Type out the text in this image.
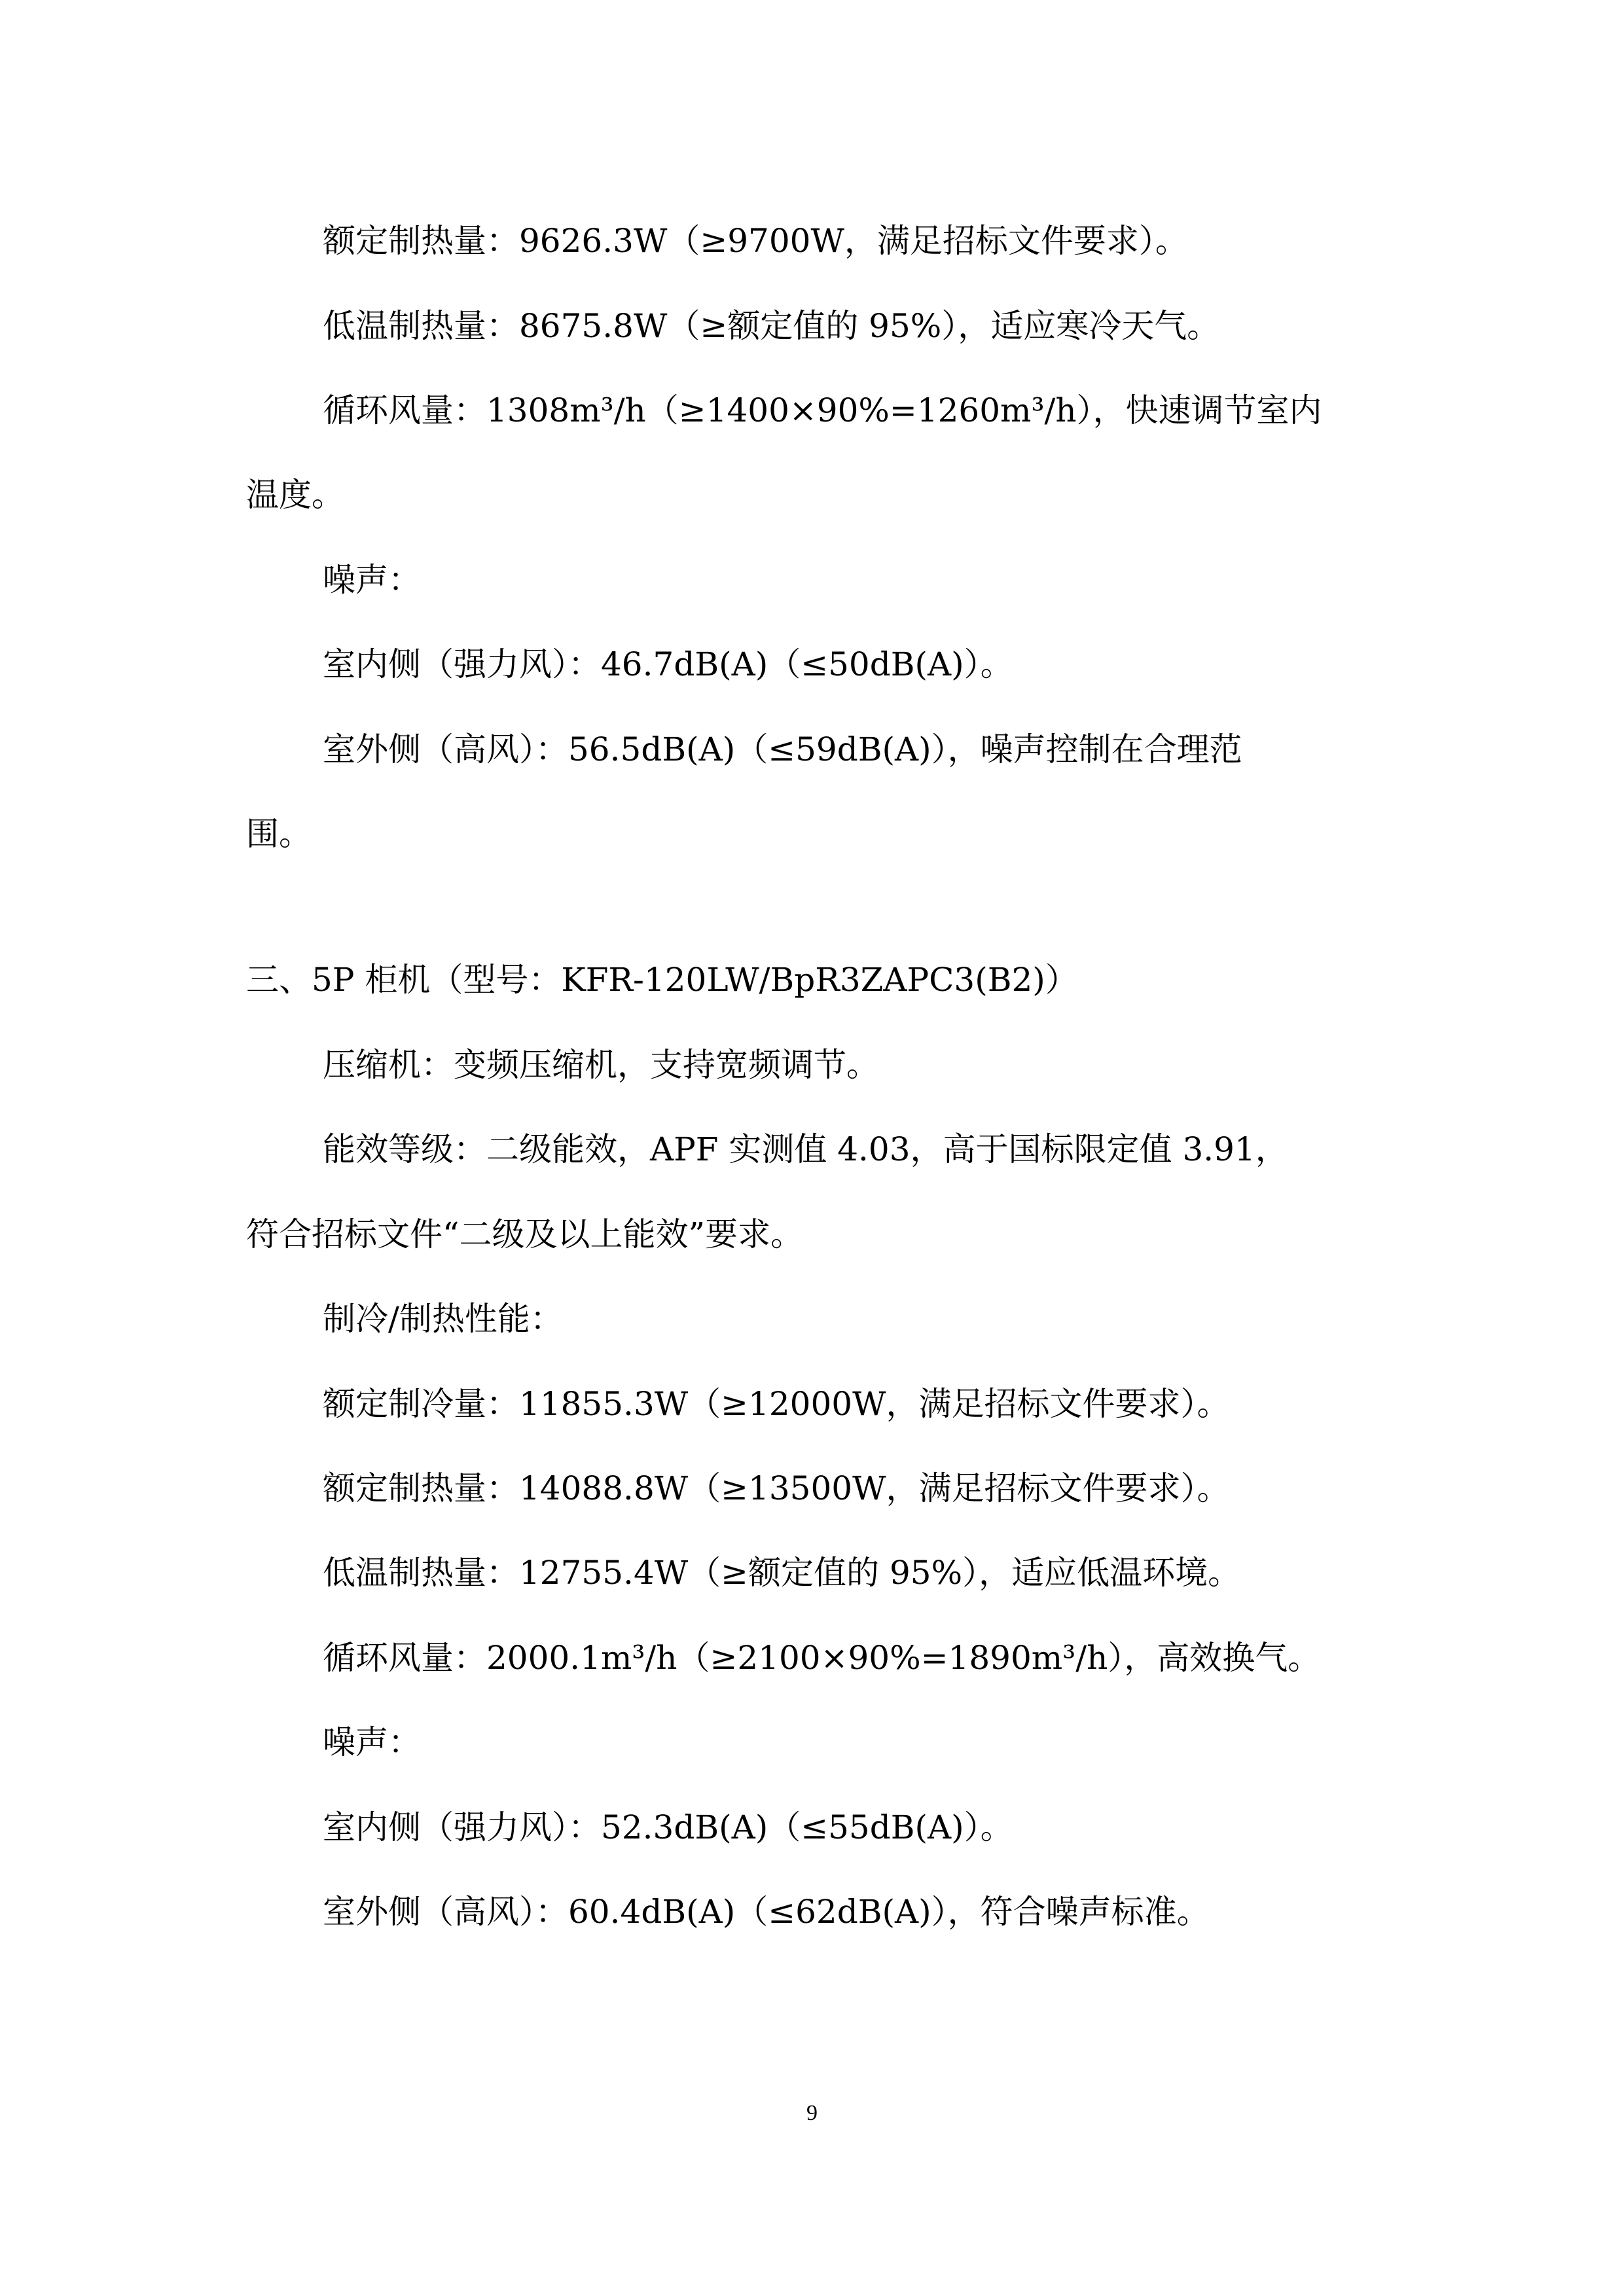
额定制热量：9626.3W（≥9700W，满足招标文件要求）。
低温制热量：8675.8W（≥额定值的 95%），适应寒冷天气。
循环风量：1308m³/h（≥1400×90%=1260m³/h），快速调节室内
温度。
噪声：
室内侧（强力风）：46.7dB(A)（≤50dB(A)）。
室外侧（高风）：56.5dB(A)（≤59dB(A)），噪声控制在合理范
围。
三、5P 柜机（型号：KFR-120LW/BpR3ZAPC3(B2)）
压缩机：变频压缩机，支持宽频调节。
能效等级：二级能效，APF 实测值 4.03，高于国标限定值 3.91，
符合招标文件“二级及以上能效”要求。
制冷/制热性能：
额定制冷量：11855.3W（≥12000W，满足招标文件要求）。
额定制热量：14088.8W（≥13500W，满足招标文件要求）。
低温制热量：12755.4W（≥额定值的 95%），适应低温环境。
循环风量：2000.1m³/h（≥2100×90%=1890m³/h），高效换气。
噪声：
室内侧（强力风）：52.3dB(A)（≤55dB(A)）。
室外侧（高风）：60.4dB(A)（≤62dB(A)），符合噪声标准。
9
